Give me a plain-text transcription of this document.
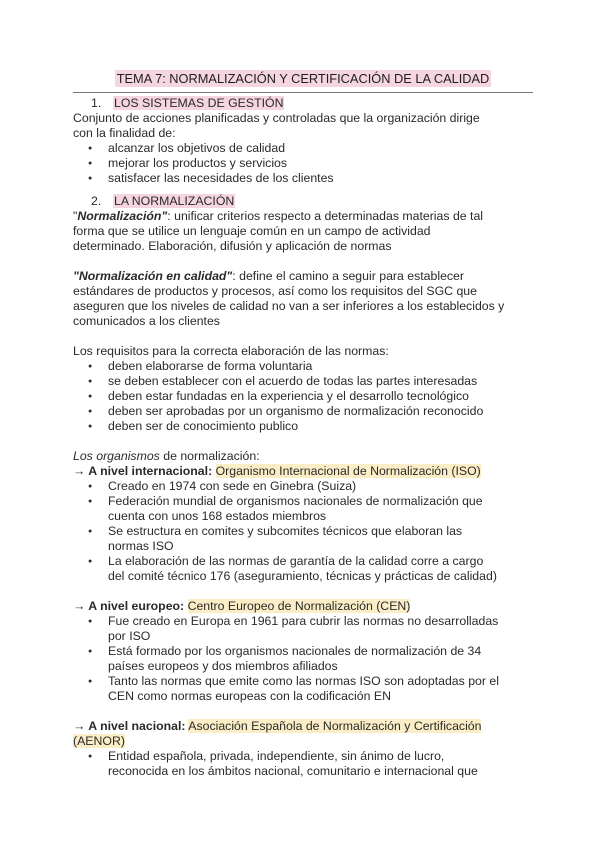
TEMA 7: NORMALIZACIÓN Y CERTIFICACIÓN DE LA CALIDAD
1. LOS SISTEMAS DE GESTIÓN

Conjunto de acciones planificadas y controladas que la organización dirige

con la finalidad de:

● alcanzar los objetivos de calidad
● mejorar los productos y servicios
● satisfacer las necesidades de los clientes
2. LA NORMALIZACIÓN

"Normalización": unificar criterios respecto a determinadas materias de tal

forma que se utilice un lenguaje común en un campo de actividad

determinado. Elaboración, difusión y aplicación de normas

"Normalización en calidad": define el camino a seguir para establecer

estándares de productos y procesos, así como los requisitos del SGC que

aseguren que los niveles de calidad no van a ser inferiores a los establecidos y

comunicados a los clientes

Los requisitos para la correcta elaboración de las normas:

● deben elaborarse de forma voluntaria
● se deben establecer con el acuerdo de todas las partes interesadas
● deben estar fundadas en la experiencia y el desarrollo tecnológico
● deben ser aprobadas por un organismo de normalización reconocido
● deben ser de conocimiento publico

Los organismos de normalización:

→ A nivel internacional: Organismo Internacional de Normalización (ISO)

● Creado en 1974 con sede en Ginebra (Suiza)
● Federación mundial de organismos nacionales de normalización que
cuenta con unos 168 estados miembros
● Se estructura en comites y subcomites técnicos que elaboran las
normas ISO
● La elaboración de las normas de garantía de la calidad corre a cargo
del comité técnico 176 (aseguramiento, técnicas y prácticas de calidad)

→ A nivel europeo: Centro Europeo de Normalización (CEN)

● Fue creado en Europa en 1961 para cubrir las normas no desarrolladas
por ISO
● Está formado por los organismos nacionales de normalización de 34
países europeos y dos miembros afiliados
● Tanto las normas que emite como las normas ISO son adoptadas por el
CEN como normas europeas con la codificación EN

→ A nivel nacional: Asociación Española de Normalización y Certificación

(AENOR)

● Entidad española, privada, independiente, sin ánimo de lucro,
reconocida en los ámbitos nacional, comunitario e internacional que
